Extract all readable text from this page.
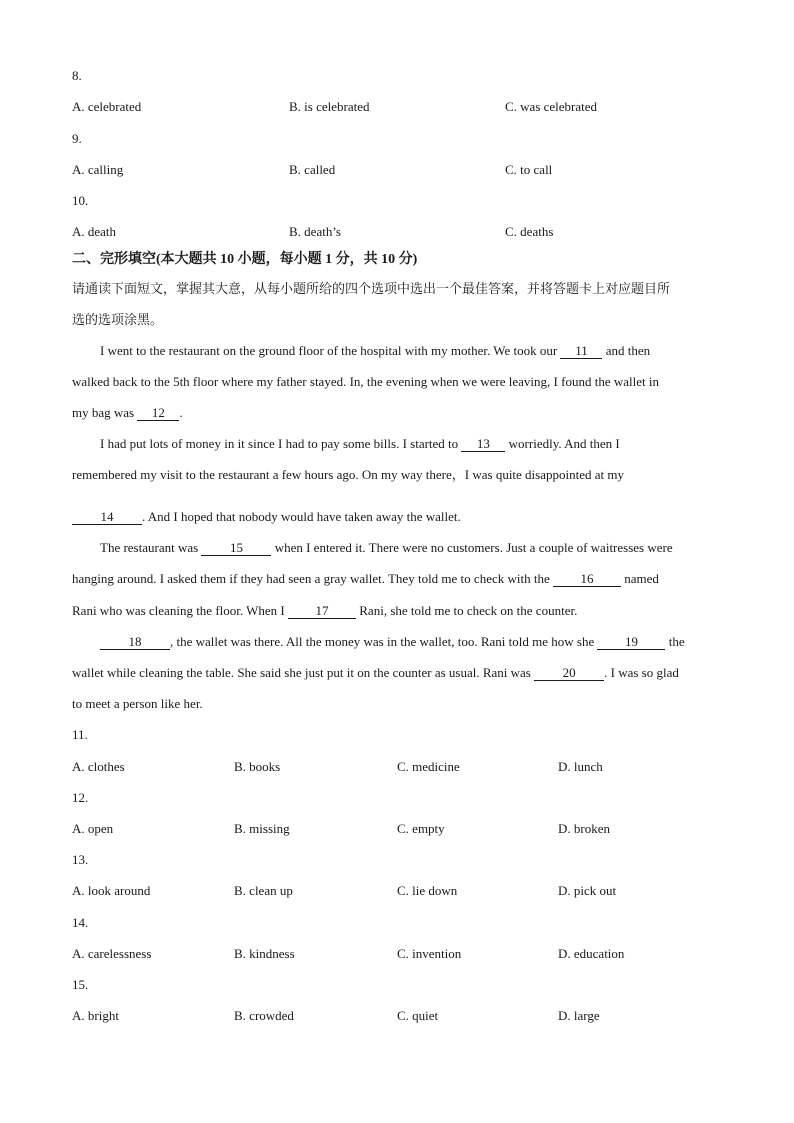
8.
A. celebrated	B. is celebrated	C. was celebrated
9.
A. calling	B. called	C. to call
10.
A. death	B. death’s	C. deaths
二、完形填空(本大题共 10 小题，每小题 1 分，共 10 分)
请通读下面短文，掌握其大意，从每小题所给的四个选项中选出一个最佳答案，并将答题卡上对应题目所
选的选项涂黑。
I went to the restaurant on the ground floor of the hospital with my mother. We took our 11 and then
walked back to the 5th floor where my father stayed. In, the evening when we were leaving, I found the wallet in
my bag was 12 .
I had put lots of money in it since I had to pay some bills. I started to 13 worriedly. And then I
remembered my visit to the restaurant a few hours ago. On my way there，I was quite disappointed at my
14 . And I hoped that nobody would have taken away the wallet.
The restaurant was 15 when I entered it. There were no customers. Just a couple of waitresses were
hanging around. I asked them if they had seen a gray wallet. They told me to check with the 16 named
Rani who was cleaning the floor. When I 17 Rani, she told me to check on the counter.
18 , the wallet was there. All the money was in the wallet, too. Rani told me how she 19 the
wallet while cleaning the table. She said she just put it on the counter as usual. Rani was 20 . I was so glad
to meet a person like her.
11.
A. clothes	B. books	C. medicine	D. lunch
12.
A. open	B. missing	C. empty	D. broken
13.
A. look around	B. clean up	C. lie down	D. pick out
14.
A. carelessness	B. kindness	C. invention	D. education
15.
A. bright	B. crowded	C. quiet	D. large
